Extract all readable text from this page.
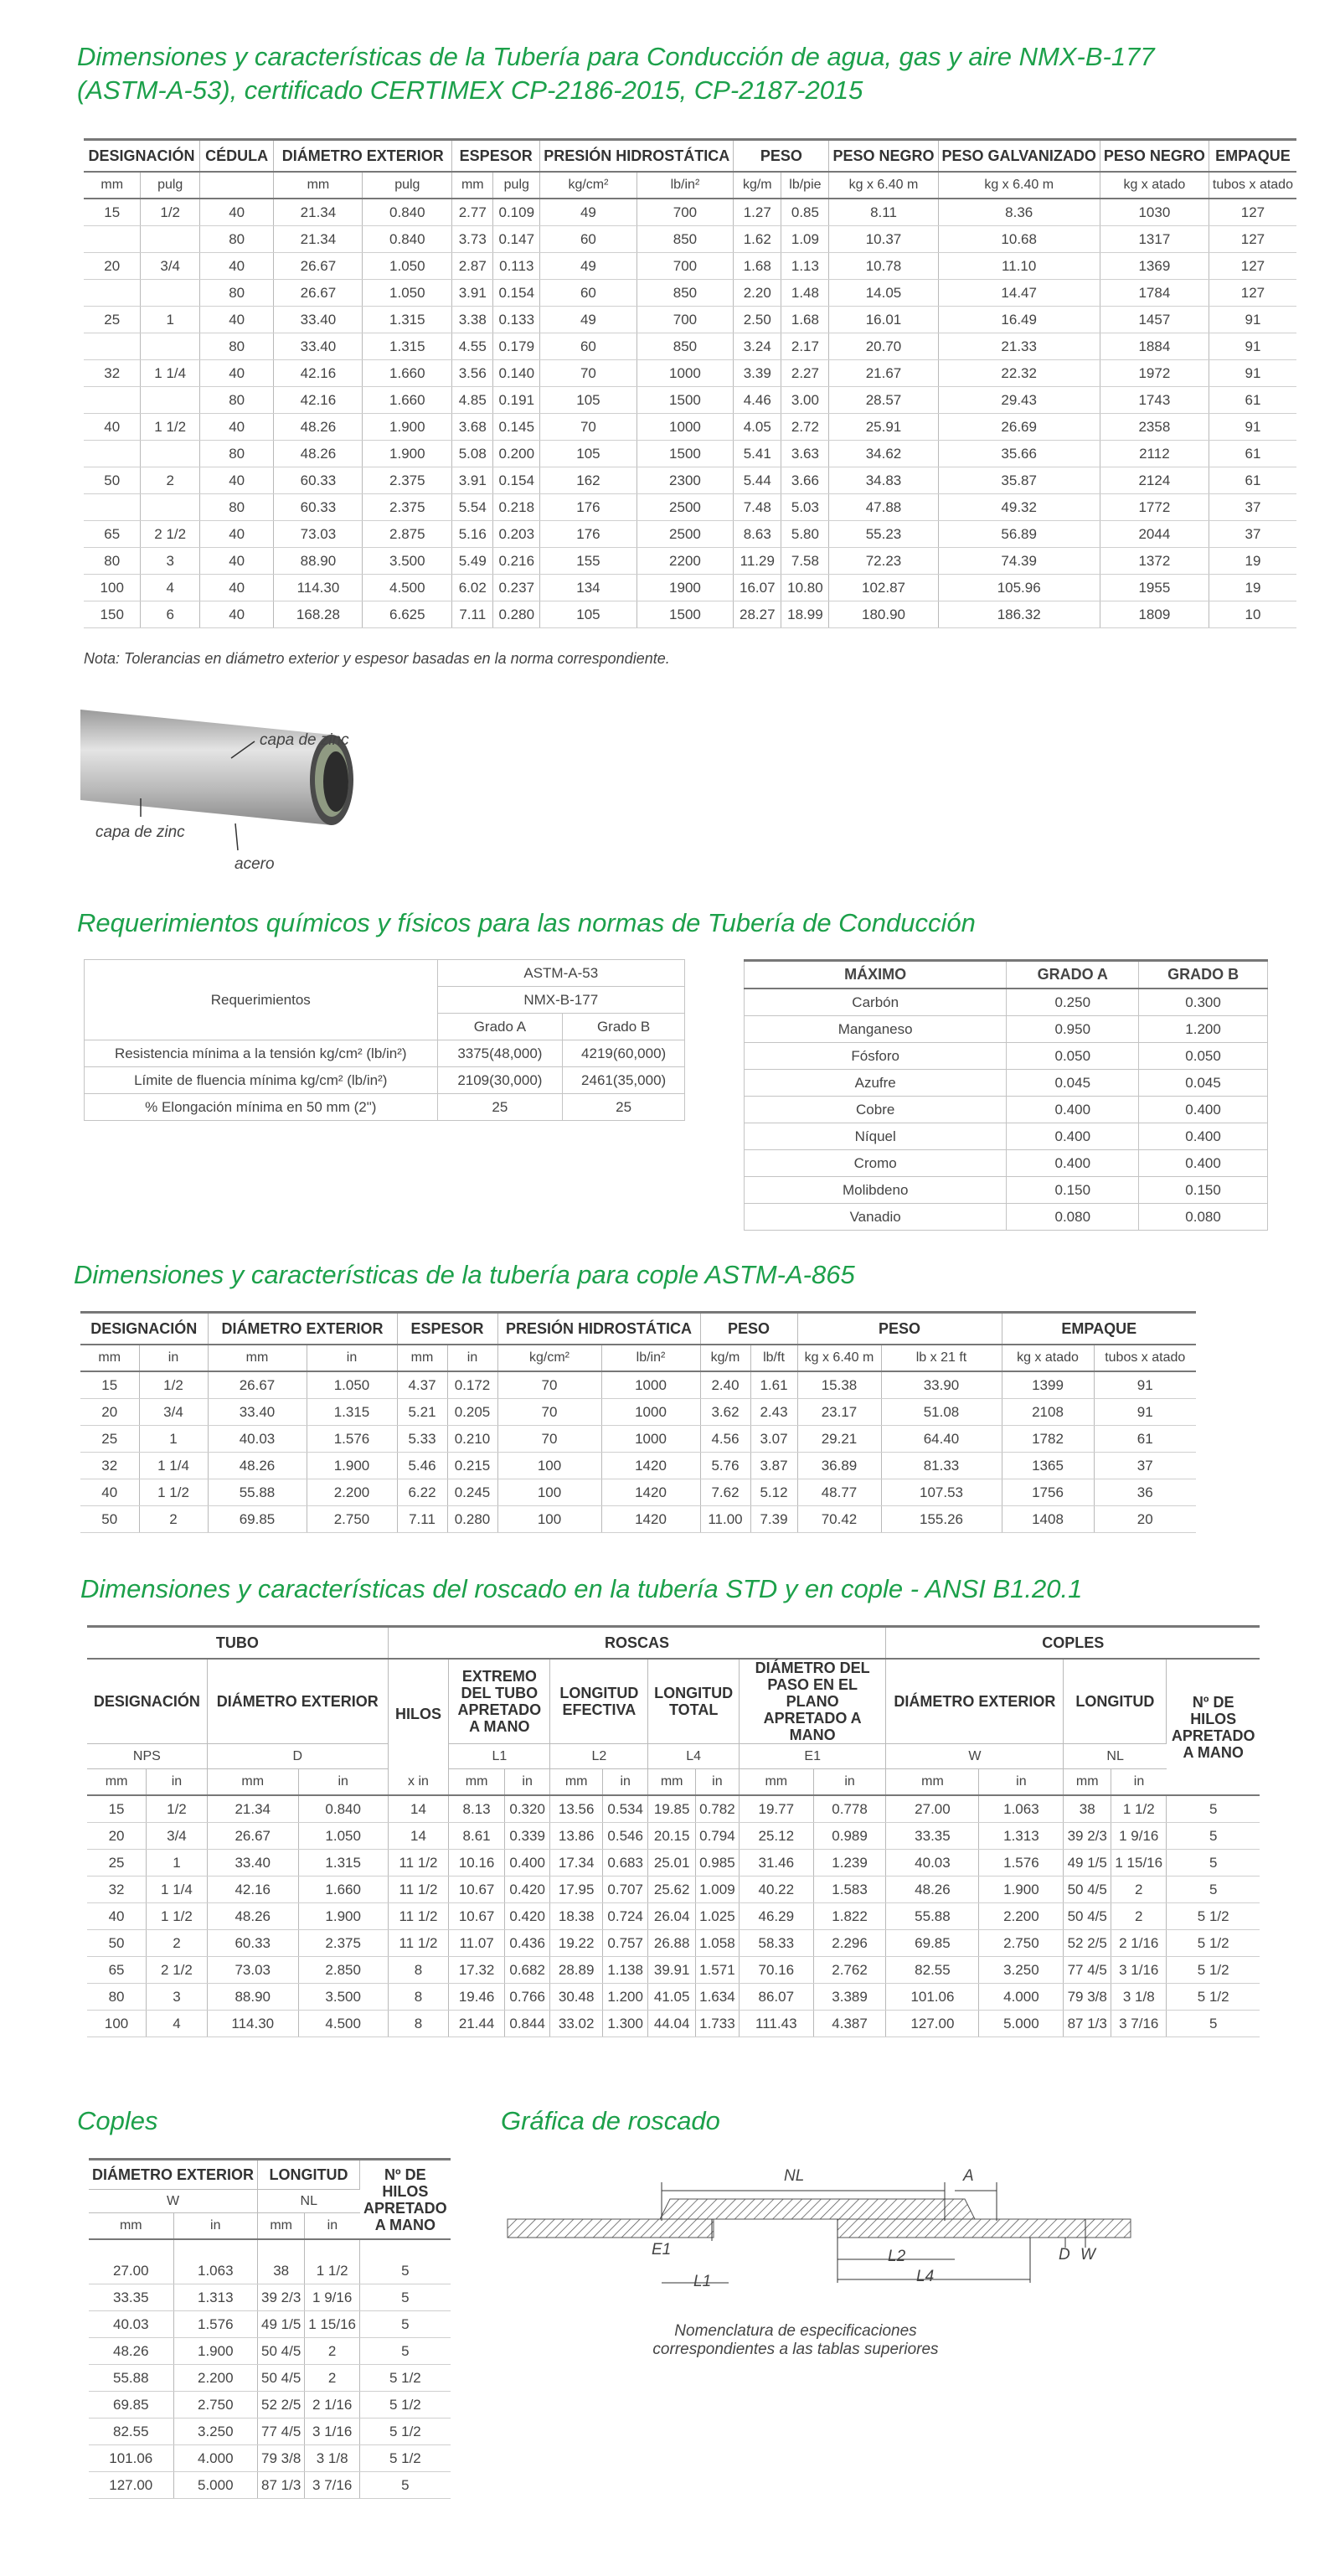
Dimensiones y características de la Tubería para Conducción de agua, gas y aire NMX-B-177
(ASTM-A-53), certificado CERTIMEX CP-2186-2015, CP-2187-2015
DESIGNACIÓN		CÉDULA	DIÁMETRO EXTERIOR		ESPESOR		PRESIÓN HIDROSTÁTICA		PESO		PESO NEGRO	PESO GALVANIZADO	PESO NEGRO	EMPAQUE
mm	pulg		mm	pulg	mm	pulg	kg/cm²	lb/in²	kg/m	lb/pie	kg x 6.40 m	kg x 6.40 m	kg x atado	tubos x atado
15	1/2	40	21.34	0.840	2.77	0.109	49	700	1.27	0.85	8.11	8.36	1030	127
		80	21.34	0.840	3.73	0.147	60	850	1.62	1.09	10.37	10.68	1317	127
20	3/4	40	26.67	1.050	2.87	0.113	49	700	1.68	1.13	10.78	11.10	1369	127
		80	26.67	1.050	3.91	0.154	60	850	2.20	1.48	14.05	14.47	1784	127
25	1	40	33.40	1.315	3.38	0.133	49	700	2.50	1.68	16.01	16.49	1457	91
		80	33.40	1.315	4.55	0.179	60	850	3.24	2.17	20.70	21.33	1884	91
32	1 1/4	40	42.16	1.660	3.56	0.140	70	1000	3.39	2.27	21.67	22.32	1972	91
		80	42.16	1.660	4.85	0.191	105	1500	4.46	3.00	28.57	29.43	1743	61
40	1 1/2	40	48.26	1.900	3.68	0.145	70	1000	4.05	2.72	25.91	26.69	2358	91
		80	48.26	1.900	5.08	0.200	105	1500	5.41	3.63	34.62	35.66	2112	61
50	2	40	60.33	2.375	3.91	0.154	162	2300	5.44	3.66	34.83	35.87	2124	61
		80	60.33	2.375	5.54	0.218	176	2500	7.48	5.03	47.88	49.32	1772	37
65	2 1/2	40	73.03	2.875	5.16	0.203	176	2500	8.63	5.80	55.23	56.89	2044	37
80	3	40	88.90	3.500	5.49	0.216	155	2200	11.29	7.58	72.23	74.39	1372	19
100	4	40	114.30	4.500	6.02	0.237	134	1900	16.07	10.80	102.87	105.96	1955	19
150	6	40	168.28	6.625	7.11	0.280	105	1500	28.27	18.99	180.90	186.32	1809	10
Nota: Tolerancias en diámetro exterior y espesor basadas en la norma correspondiente.
capa de zinc
capa de zinc
acero
Requerimientos químicos y físicos para las normas de Tubería de Conducción
Requerimientos	ASTM-A-53	
	NMX-B-177	
	Grado A	Grado B
Resistencia mínima a la tensión kg/cm² (lb/in²)	3375(48,000)	4219(60,000)
Límite de fluencia mínima kg/cm² (lb/in²)	2109(30,000)	2461(35,000)
% Elongación mínima en 50 mm (2")	25	25
MÁXIMO	GRADO A	GRADO B
Carbón	0.250	0.300
Manganeso	0.950	1.200
Fósforo	0.050	0.050
Azufre	0.045	0.045
Cobre	0.400	0.400
Níquel	0.400	0.400
Cromo	0.400	0.400
Molibdeno	0.150	0.150
Vanadio	0.080	0.080
Dimensiones y características de la tubería para cople ASTM-A-865
DESIGNACIÓN		DIÁMETRO EXTERIOR		ESPESOR		PRESIÓN HIDROSTÁTICA		PESO		PESO		EMPAQUE	
mm	in	mm	in	mm	in	kg/cm²	lb/in²	kg/m	lb/ft	kg x 6.40 m	lb x 21 ft	kg x atado	tubos x atado
15	1/2	26.67	1.050	4.37	0.172	70	1000	2.40	1.61	15.38	33.90	1399	91
20	3/4	33.40	1.315	5.21	0.205	70	1000	3.62	2.43	23.17	51.08	2108	91
25	1	40.03	1.576	5.33	0.210	70	1000	4.56	3.07	29.21	64.40	1782	61
32	1 1/4	48.26	1.900	5.46	0.215	100	1420	5.76	3.87	36.89	81.33	1365	37
40	1 1/2	55.88	2.200	6.22	0.245	100	1420	7.62	5.12	48.77	107.53	1756	36
50	2	69.85	2.750	7.11	0.280	100	1420	11.00	7.39	70.42	155.26	1408	20
Dimensiones y características del roscado en la tubería STD y en cople - ANSI B1.20.1
TUBO				ROSCAS									COPLES				
DESIGNACIÓN		DIÁMETRO EXTERIOR		HILOS	EXTREMO DEL TUBO APRETADO A MANO		LONGITUD EFECTIVA		LONGITUD TOTAL		DIÁMETRO DEL PASO EN EL PLANO APRETADO A MANO		DIÁMETRO EXTERIOR		LONGITUD		Nº DE HILOS APRETADO A MANO
NPS		D			L1		L2		L4		E1		W		NL		
mm	in	mm	in	x in	mm	in	mm	in	mm	in	mm	in	mm	in	mm	in	
15	1/2	21.34	0.840	14	8.13	0.320	13.56	0.534	19.85	0.782	19.77	0.778	27.00	1.063	38	1 1/2	5
20	3/4	26.67	1.050	14	8.61	0.339	13.86	0.546	20.15	0.794	25.12	0.989	33.35	1.313	39 2/3	1 9/16	5
25	1	33.40	1.315	11 1/2	10.16	0.400	17.34	0.683	25.01	0.985	31.46	1.239	40.03	1.576	49 1/5	1 15/16	5
32	1 1/4	42.16	1.660	11 1/2	10.67	0.420	17.95	0.707	25.62	1.009	40.22	1.583	48.26	1.900	50 4/5	2	5
40	1 1/2	48.26	1.900	11 1/2	10.67	0.420	18.38	0.724	26.04	1.025	46.29	1.822	55.88	2.200	50 4/5	2	5 1/2
50	2	60.33	2.375	11 1/2	11.07	0.436	19.22	0.757	26.88	1.058	58.33	2.296	69.85	2.750	52 2/5	2 1/16	5 1/2
65	2 1/2	73.03	2.850	8	17.32	0.682	28.89	1.138	39.91	1.571	70.16	2.762	82.55	3.250	77 4/5	3 1/16	5 1/2
80	3	88.90	3.500	8	19.46	0.766	30.48	1.200	41.05	1.634	86.07	3.389	101.06	4.000	79 3/8	3 1/8	5 1/2
100	4	114.30	4.500	8	21.44	0.844	33.02	1.300	44.04	1.733	111.43	4.387	127.00	5.000	87 1/3	3 7/16	5
Coples
DIÁMETRO EXTERIOR		LONGITUD		Nº DE HILOS APRETADO A MANO
W		NL		
mm	in	mm	in	

27.00	1.063	38	1 1/2	5
33.35	1.313	39 2/3	1 9/16	5
40.03	1.576	49 1/5	1 15/16	5
48.26	1.900	50 4/5	2	5
55.88	2.200	50 4/5	2	5 1/2
69.85	2.750	52 2/5	2 1/16	5 1/2
82.55	3.250	77 4/5	3 1/16	5 1/2
101.06	4.000	79 3/8	3 1/8	5 1/2
127.00	5.000	87 1/3	3 7/16	5
Gráfica de roscado
NL	A
E1
L1
L2
L4
D W
Nomenclatura de especificaciones
correspondientes a las tablas superiores
